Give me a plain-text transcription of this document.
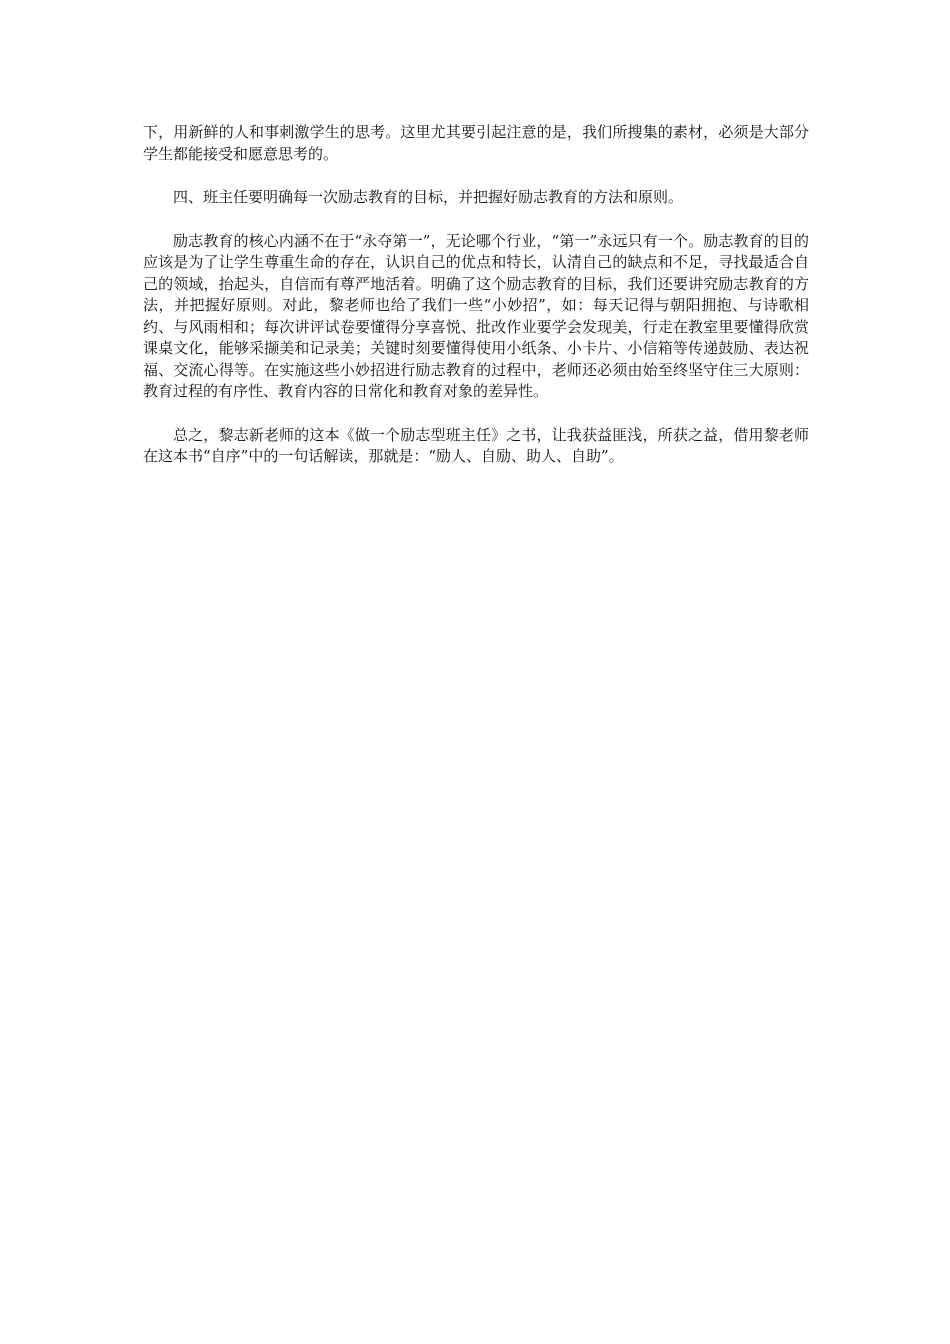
下，用新鲜的人和事刺激学生的思考。这里尤其要引起注意的是，我们所搜集的素材，必须是大部分学生都能接受和愿意思考的。

四、班主任要明确每一次励志教育的目标，并把握好励志教育的方法和原则。

励志教育的核心内涵不在于“永夺第一”，无论哪个行业，“第一”永远只有一个。励志教育的目的应该是为了让学生尊重生命的存在，认识自己的优点和特长，认清自己的缺点和不足，寻找最适合自己的领域，抬起头，自信而有尊严地活着。明确了这个励志教育的目标，我们还要讲究励志教育的方法，并把握好原则。对此，黎老师也给了我们一些“小妙招”，如：每天记得与朝阳拥抱、与诗歌相约、与风雨相和；每次讲评试卷要懂得分享喜悦、批改作业要学会发现美，行走在教室里要懂得欣赏课桌文化，能够采撷美和记录美；关键时刻要懂得使用小纸条、小卡片、小信箱等传递鼓励、表达祝福、交流心得等。在实施这些小妙招进行励志教育的过程中，老师还必须由始至终坚守住三大原则：教育过程的有序性、教育内容的日常化和教育对象的差异性。

总之，黎志新老师的这本《做一个励志型班主任》之书，让我获益匪浅，所获之益，借用黎老师在这本书“自序”中的一句话解读，那就是：“励人、自励、助人、自助”。
